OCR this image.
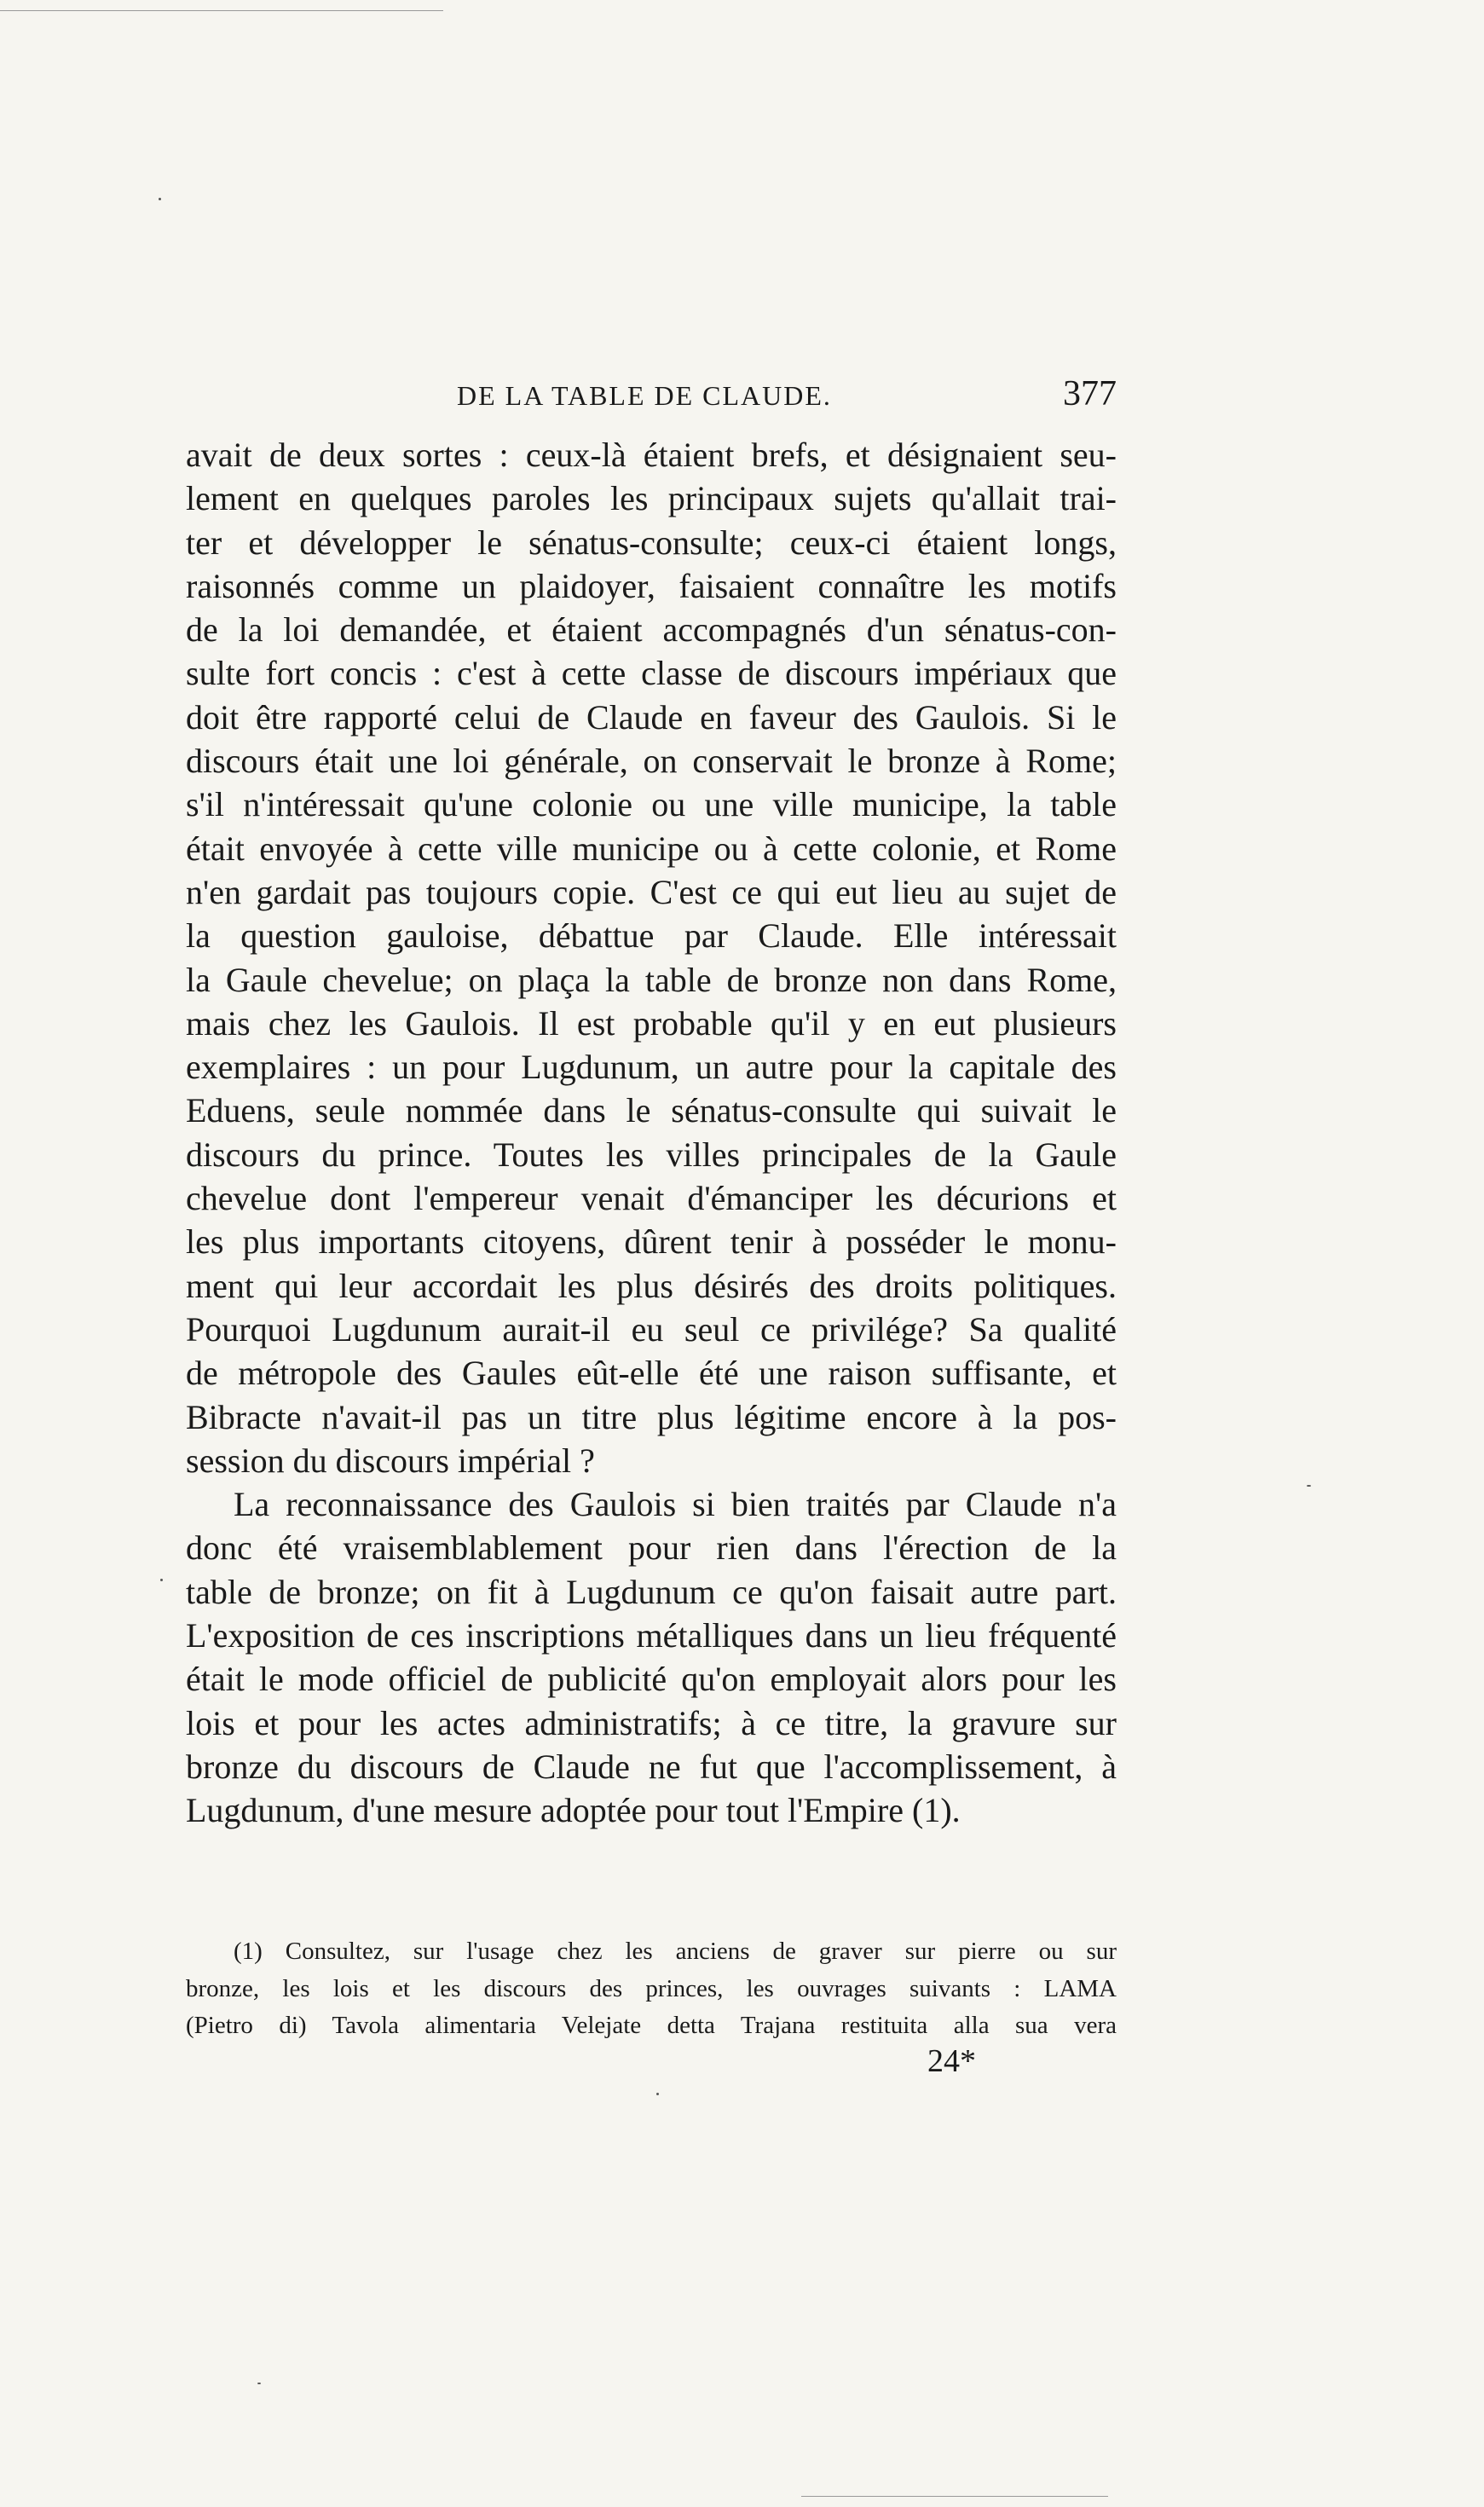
DE LA TABLE DE CLAUDE.	377
avait de deux sortes : ceux-là étaient brefs, et désignaient seu-
lement en quelques paroles les principaux sujets qu'allait trai-
ter et développer le sénatus-consulte; ceux-ci étaient longs,
raisonnés comme un plaidoyer, faisaient connaître les motifs
de la loi demandée, et étaient accompagnés d'un sénatus-con-
sulte fort concis : c'est à cette classe de discours impériaux que
doit être rapporté celui de Claude en faveur des Gaulois. Si le
discours était une loi générale, on conservait le bronze à Rome;
s'il n'intéressait qu'une colonie ou une ville municipe, la table
était envoyée à cette ville municipe ou à cette colonie, et Rome
n'en gardait pas toujours copie. C'est ce qui eut lieu au sujet de
la question gauloise, débattue par Claude. Elle intéressait
la Gaule chevelue; on plaça la table de bronze non dans Rome,
mais chez les Gaulois. Il est probable qu'il y en eut plusieurs
exemplaires : un pour Lugdunum, un autre pour la capitale des
Eduens, seule nommée dans le sénatus-consulte qui suivait le
discours du prince. Toutes les villes principales de la Gaule
chevelue dont l'empereur venait d'émanciper les décurions et
les plus importants citoyens, dûrent tenir à posséder le monu-
ment qui leur accordait les plus désirés des droits politiques.
Pourquoi Lugdunum aurait-il eu seul ce privilége? Sa qualité
de métropole des Gaules eût-elle été une raison suffisante, et
Bibracte n'avait-il pas un titre plus légitime encore à la pos-
session du discours impérial ?
La reconnaissance des Gaulois si bien traités par Claude n'a
donc été vraisemblablement pour rien dans l'érection de la
table de bronze; on fit à Lugdunum ce qu'on faisait autre part.
L'exposition de ces inscriptions métalliques dans un lieu fréquenté
était le mode officiel de publicité qu'on employait alors pour les
lois et pour les actes administratifs; à ce titre, la gravure sur
bronze du discours de Claude ne fut que l'accomplissement, à
Lugdunum, d'une mesure adoptée pour tout l'Empire (1).
(1) Consultez, sur l'usage chez les anciens de graver sur pierre ou sur
bronze, les lois et les discours des princes, les ouvrages suivants : LAMA
(Pietro di) Tavola alimentaria Velejate detta Trajana restituita alla sua vera
24*
